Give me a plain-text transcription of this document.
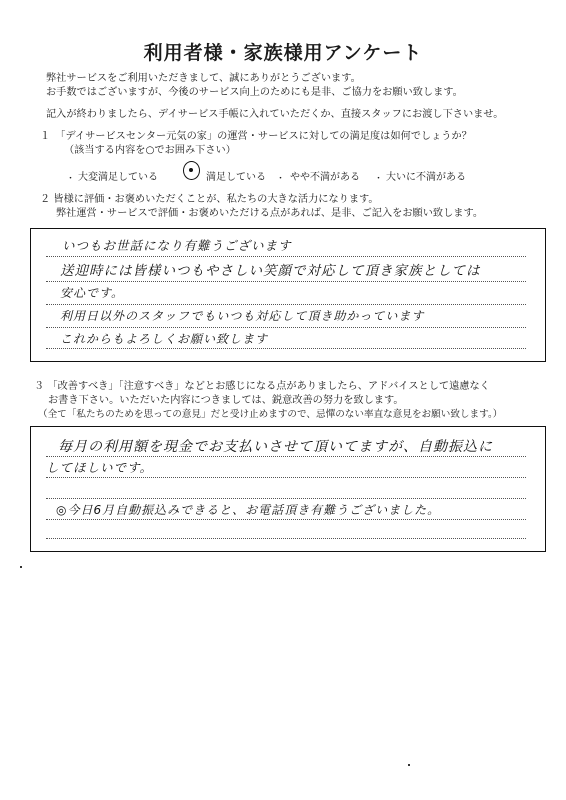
利用者様・家族様用アンケート
弊社サービスをご利用いただきまして、誠にありがとうございます。
お手数ではございますが、今後のサービス向上のためにも是非、ご協力をお願い致します。
記入が終わりましたら、デイサービス手帳に入れていただくか、直接スタッフにお渡し下さいませ。
１　「デイサービスセンター元気の家」の運営・サービスに対しての満足度は如何でしょうか？
（該当する内容を○でお囲み下さい）
・ 大変満足している	満足している ・ やや不満がある ・ 大いに不満がある
２ 皆様に評価・お褒めいただくことが、私たちの大きな活力になります。
弊社運営・サービスで評価・お褒めいただける点があれば、是非、ご記入をお願い致します。
いつもお世話になり有難うございます
送迎時には皆様いつもやさしい笑顔で対応して頂き家族としては
安心です。
利用日以外のスタッフでもいつも対応して頂き助かっています
これからもよろしくお願い致します
３ 「改善すべき」「注意すべき」などとお感じになる点がありましたら、アドバイスとして遠慮なく
お書き下さい。いただいた内容につきましては、鋭意改善の努力を致します。
（全て「私たちのためを思っての意見」だと受け止めますので、忌憚のない率直な意見をお願い致します。）
毎月の利用額を現金でお支払いさせて頂いてますが、自動振込に
してほしいです。
◎今日6月自動振込みできると、お電話頂き有難うございました。
